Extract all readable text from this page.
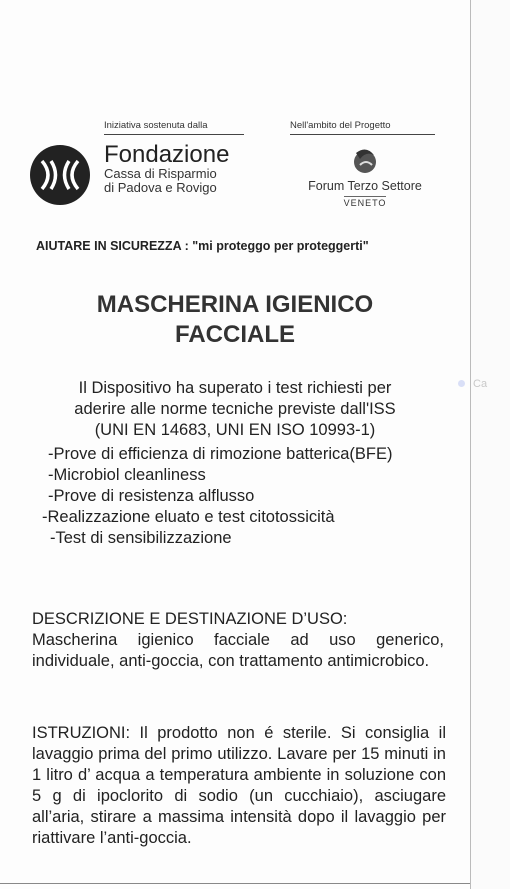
Ca
Iniziativa sostenuta dalla
Fondazione
Cassa di Risparmio
di Padova e Rovigo
Nell'ambito del Progetto
Forum Terzo Settore
VENETO
AIUTARE IN SICUREZZA : "mi proteggo per proteggerti"
MASCHERINA IGIENICO
FACCIALE
Il Dispositivo ha superato i test richiesti per
aderire alle norme tecniche previste dall'ISS
(UNI EN 14683, UNI EN ISO 10993-1)
-Prove di efficienza di rimozione batterica(BFE)
-Microbiol cleanliness
-Prove di resistenza alflusso
-Realizzazione eluato e test citotossicità
-Test di sensibilizzazione
DESCRIZIONE E DESTINAZIONE D’USO:
Mascherina igienico facciale ad uso generico, individuale, anti-goccia, con trattamento antimicrobico.
ISTRUZIONI: Il prodotto non é sterile. Si consiglia il lavaggio prima del primo utilizzo. Lavare per 15 minuti in 1 litro d’ acqua a temperatura ambiente in soluzione con 5 g di ipoclorito di sodio (un cucchiaio), asciugare all’aria, stirare a massima intensità dopo il lavaggio per riattivare l’anti-goccia.
